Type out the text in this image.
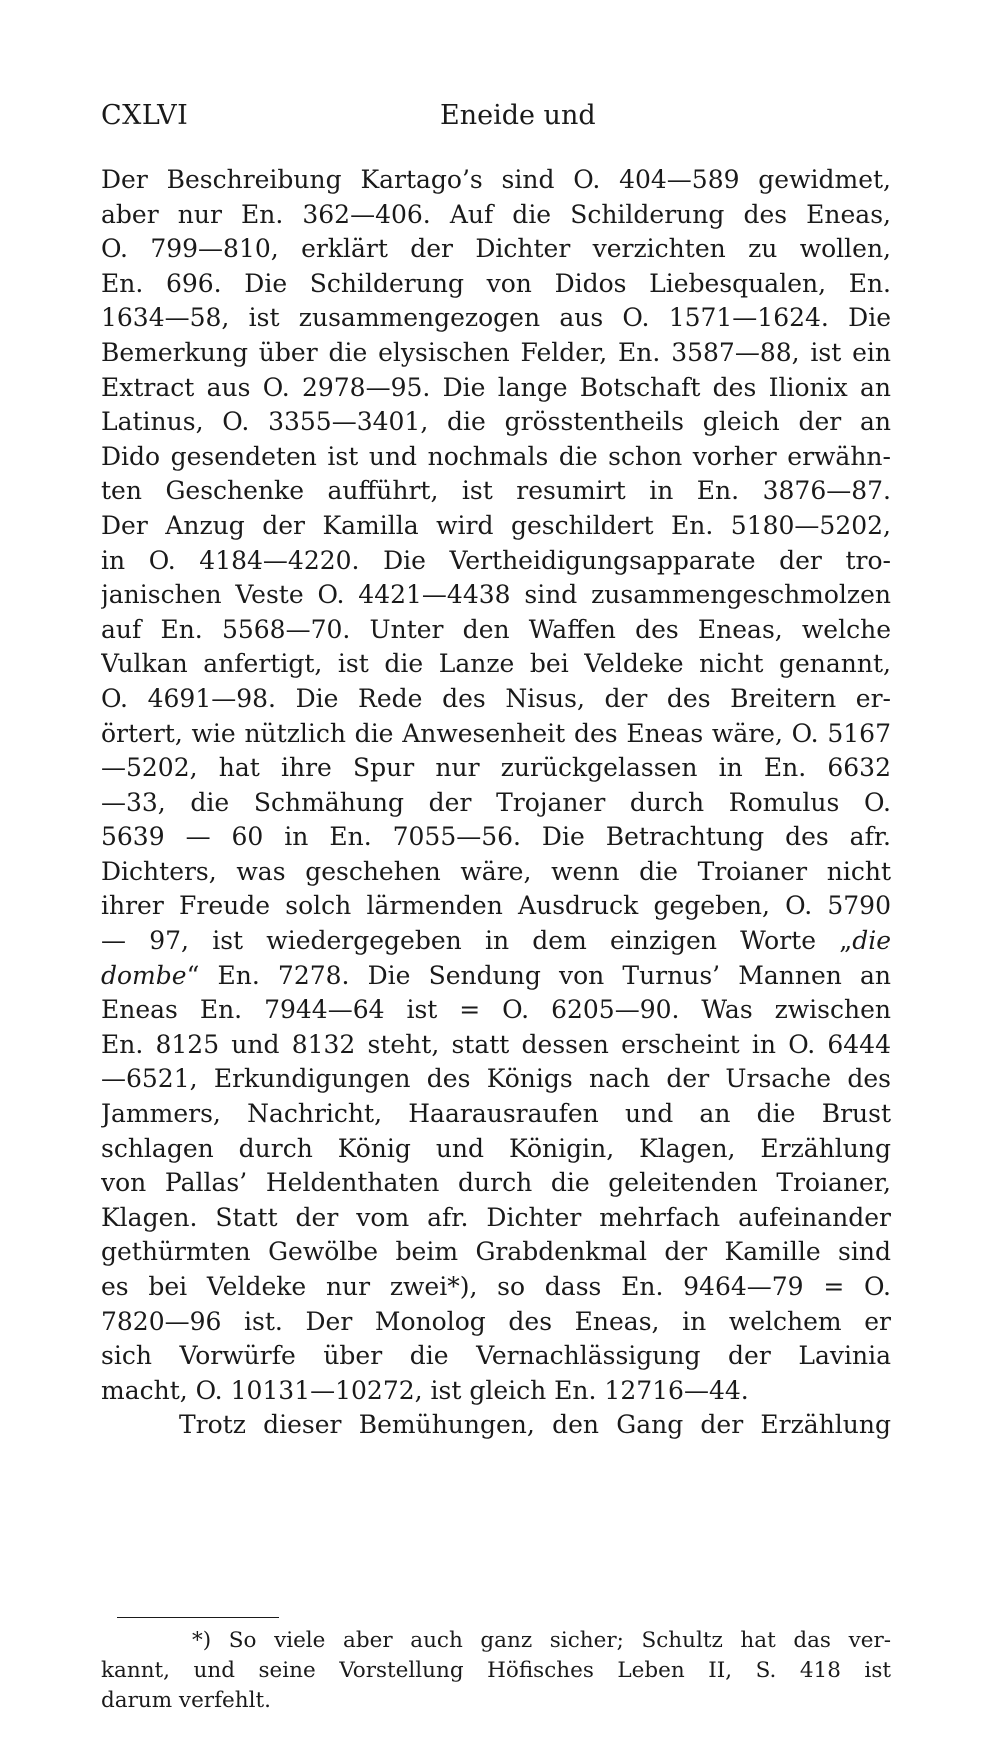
CXLVI	Eneide und
Der Beschreibung Kartago’s sind O. 404—589 gewidmet,
aber nur En. 362—406. Auf die Schilderung des Eneas,
O. 799—810, erklärt der Dichter verzichten zu wollen,
En. 696. Die Schilderung von Didos Liebesqualen, En.
1634—58, ist zusammengezogen aus O. 1571—1624. Die
Bemerkung über die elysischen Felder, En. 3587—88, ist ein
Extract aus O. 2978—95. Die lange Botschaft des Ilionix an
Latinus, O. 3355—3401, die grösstentheils gleich der an
Dido gesendeten ist und nochmals die schon vorher erwähn-
ten Geschenke aufführt, ist resumirt in En. 3876—87.
Der Anzug der Kamilla wird geschildert En. 5180—5202,
in O. 4184—4220. Die Vertheidigungsapparate der tro-
janischen Veste O. 4421—4438 sind zusammengeschmolzen
auf En. 5568—70. Unter den Waffen des Eneas, welche
Vulkan anfertigt, ist die Lanze bei Veldeke nicht genannt,
O. 4691—98. Die Rede des Nisus, der des Breitern er-
örtert, wie nützlich die Anwesenheit des Eneas wäre, O. 5167
—5202, hat ihre Spur nur zurückgelassen in En. 6632
—33, die Schmähung der Trojaner durch Romulus O.
5639 — 60 in En. 7055—56. Die Betrachtung des afr.
Dichters, was geschehen wäre, wenn die Troianer nicht
ihrer Freude solch lärmenden Ausdruck gegeben, O. 5790
— 97, ist wiedergegeben in dem einzigen Worte „die
dombe“ En. 7278. Die Sendung von Turnus’ Mannen an
Eneas En. 7944—64 ist = O. 6205—90. Was zwischen
En. 8125 und 8132 steht, statt dessen erscheint in O. 6444
—6521, Erkundigungen des Königs nach der Ursache des
Jammers, Nachricht, Haarausraufen und an die Brust
schlagen durch König und Königin, Klagen, Erzählung
von Pallas’ Heldenthaten durch die geleitenden Troianer,
Klagen. Statt der vom afr. Dichter mehrfach aufeinander
gethürmten Gewölbe beim Grabdenkmal der Kamille sind
es bei Veldeke nur zwei*), so dass En. 9464—79 = O.
7820—96 ist. Der Monolog des Eneas, in welchem er
sich Vorwürfe über die Vernachlässigung der Lavinia
macht, O. 10131—10272, ist gleich En. 12716—44.
Trotz dieser Bemühungen, den Gang der Erzählung
*) So viele aber auch ganz sicher; Schultz hat das ver-
kannt, und seine Vorstellung Höfisches Leben II, S. 418 ist
darum verfehlt.
